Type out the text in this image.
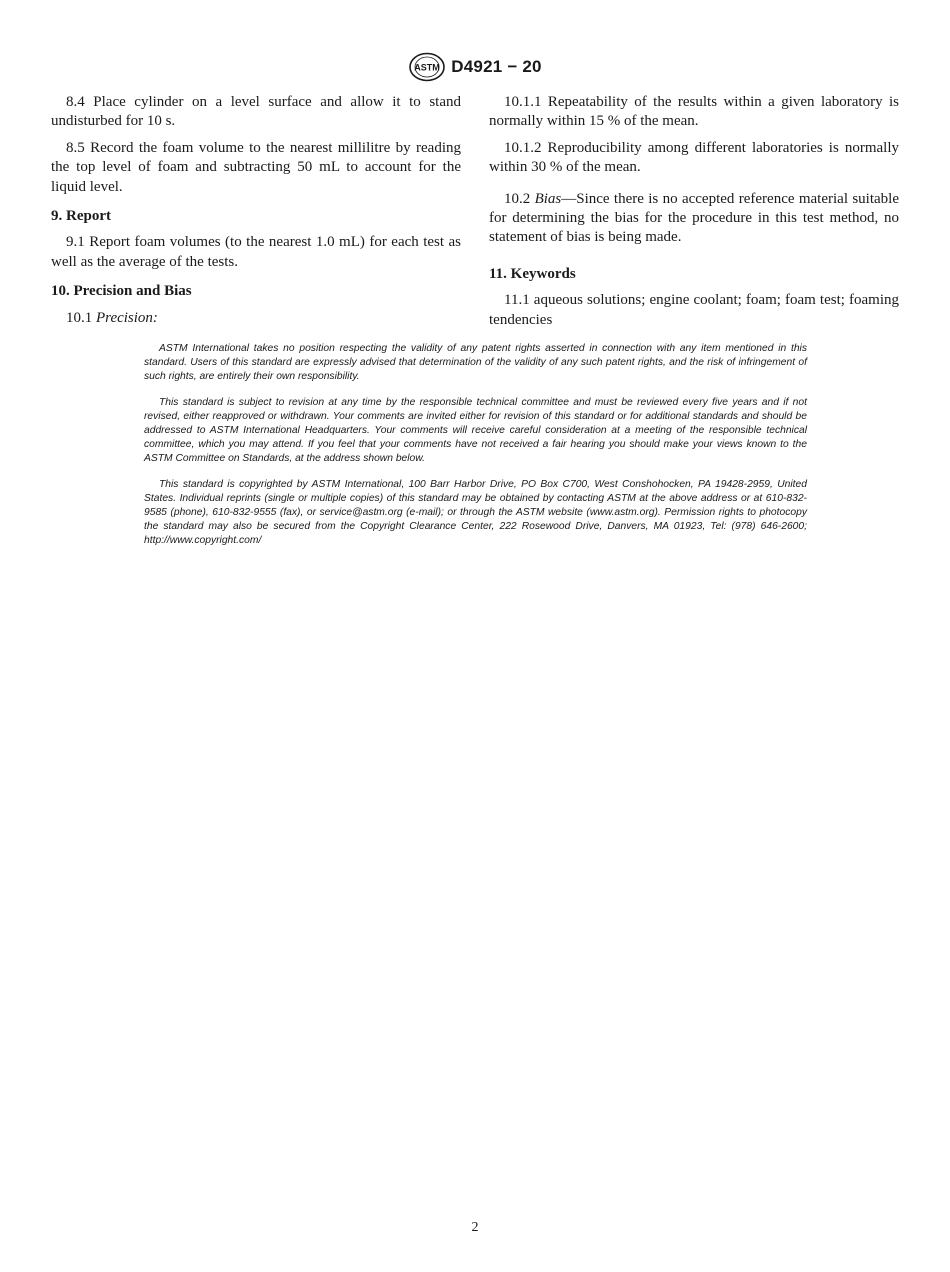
ASTM D4921 − 20

8.4 Place cylinder on a level surface and allow it to stand undisturbed for 10 s.

8.5 Record the foam volume to the nearest millilitre by reading the top level of foam and subtracting 50 mL to account for the liquid level.

9. Report

9.1 Report foam volumes (to the nearest 1.0 mL) for each test as well as the average of the tests.

10. Precision and Bias

10.1 Precision:

10.1.1 Repeatability of the results within a given laboratory is normally within 15 % of the mean.

10.1.2 Reproducibility among different laboratories is normally within 30 % of the mean.

10.2 Bias—Since there is no accepted reference material suitable for determining the bias for the procedure in this test method, no statement of bias is being made.

11. Keywords

11.1 aqueous solutions; engine coolant; foam; foam test; foaming tendencies

ASTM International takes no position respecting the validity of any patent rights asserted in connection with any item mentioned in this standard. Users of this standard are expressly advised that determination of the validity of any such patent rights, and the risk of infringement of such rights, are entirely their own responsibility.

This standard is subject to revision at any time by the responsible technical committee and must be reviewed every five years and if not revised, either reapproved or withdrawn. Your comments are invited either for revision of this standard or for additional standards and should be addressed to ASTM International Headquarters. Your comments will receive careful consideration at a meeting of the responsible technical committee, which you may attend. If you feel that your comments have not received a fair hearing you should make your views known to the ASTM Committee on Standards, at the address shown below.

This standard is copyrighted by ASTM International, 100 Barr Harbor Drive, PO Box C700, West Conshohocken, PA 19428-2959, United States. Individual reprints (single or multiple copies) of this standard may be obtained by contacting ASTM at the above address or at 610-832-9585 (phone), 610-832-9555 (fax), or service@astm.org (e-mail); or through the ASTM website (www.astm.org). Permission rights to photocopy the standard may also be secured from the Copyright Clearance Center, 222 Rosewood Drive, Danvers, MA 01923, Tel: (978) 646-2600; http://www.copyright.com/

2
